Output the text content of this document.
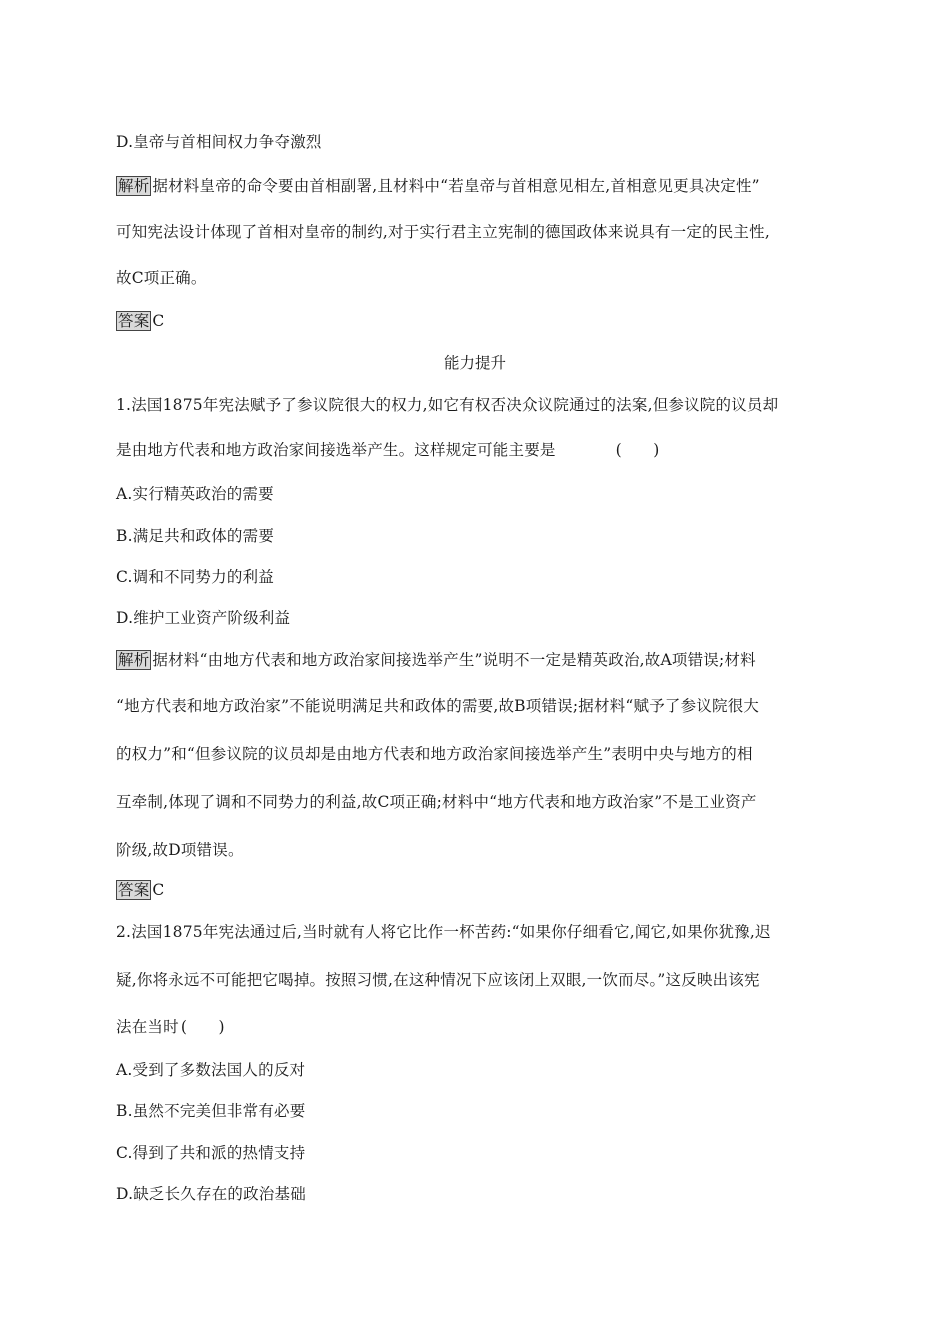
D.皇帝与首相间权力争夺激烈
解析 据材料皇帝的命令要由首相副署,且材料中“若皇帝与首相意见相左,首相意见更具决定性”
可知宪法设计体现了首相对皇帝的制约,对于实行君主立宪制的德国政体来说具有一定的民主性,
故C项正确。
答案 C
能力提升
1.法国1875年宪法赋予了参议院很大的权力,如它有权否决众议院通过的法案,但参议院的议员却
是由地方代表和地方政治家间接选举产生。这样规定可能主要是	(　　)
A.实行精英政治的需要
B.满足共和政体的需要
C.调和不同势力的利益
D.维护工业资产阶级利益
解析 据材料“由地方代表和地方政治家间接选举产生”说明不一定是精英政治,故A项错误;材料
“地方代表和地方政治家”不能说明满足共和政体的需要,故B项错误;据材料“赋予了参议院很大
的权力”和“但参议院的议员却是由地方代表和地方政治家间接选举产生”表明中央与地方的相
互牵制,体现了调和不同势力的利益,故C项正确;材料中“地方代表和地方政治家”不是工业资产
阶级,故D项错误。
答案 C
2.法国1875年宪法通过后,当时就有人将它比作一杯苦药:“如果你仔细看它,闻它,如果你犹豫,迟
疑,你将永远不可能把它喝掉。按照习惯,在这种情况下应该闭上双眼,一饮而尽。”这反映出该宪
法在当时 (　　)
A.受到了多数法国人的反对
B.虽然不完美但非常有必要
C.得到了共和派的热情支持
D.缺乏长久存在的政治基础
